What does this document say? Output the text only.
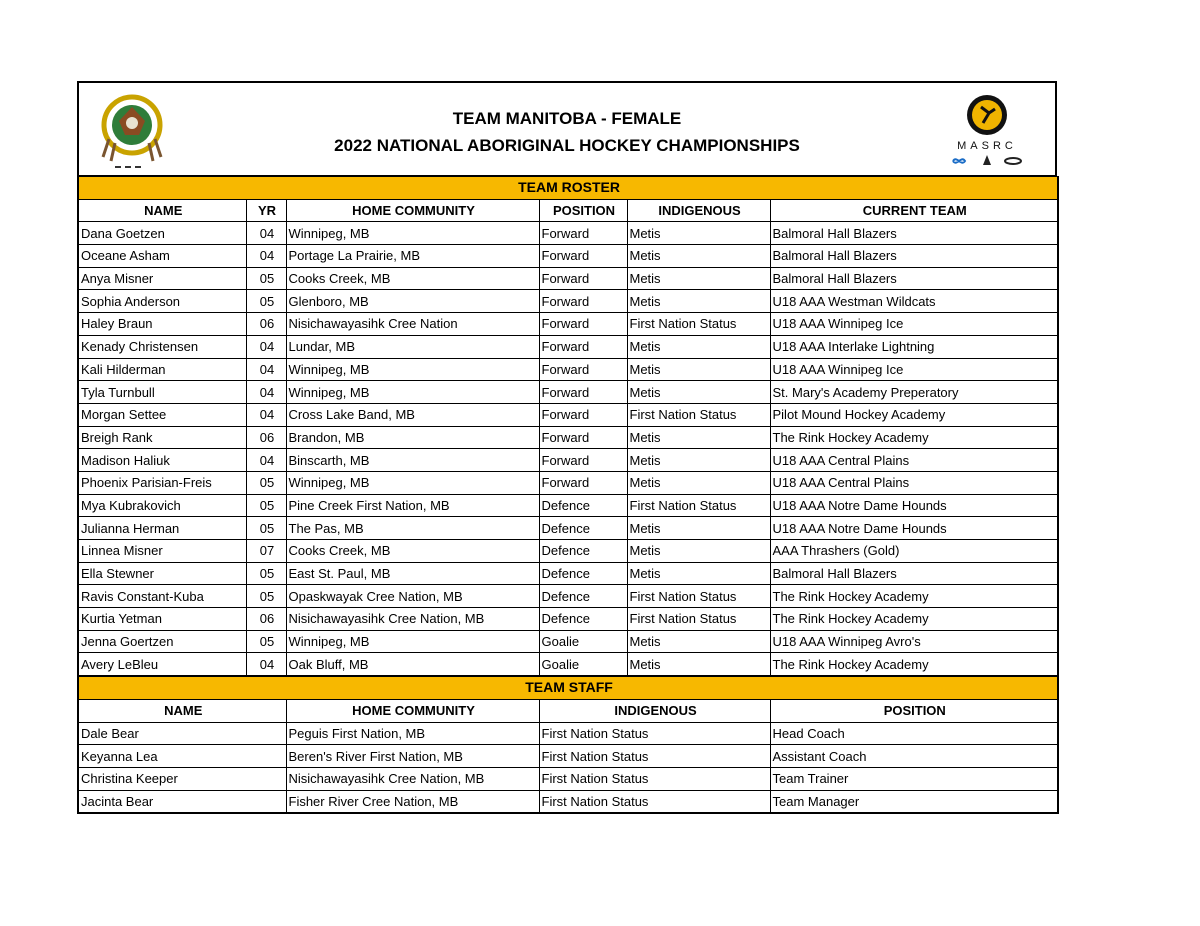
TEAM MANITOBA - FEMALE
2022 NATIONAL ABORIGINAL HOCKEY CHAMPIONSHIPS	MASRC
TEAM ROSTER					
NAME	YR	HOME COMMUNITY	POSITION	INDIGENOUS	CURRENT TEAM
Dana Goetzen	04	Winnipeg, MB	Forward	Metis	Balmoral Hall Blazers
Oceane Asham	04	Portage La Prairie, MB	Forward	Metis	Balmoral Hall Blazers
Anya Misner	05	Cooks Creek, MB	Forward	Metis	Balmoral Hall Blazers
Sophia Anderson	05	Glenboro, MB	Forward	Metis	U18 AAA Westman Wildcats
Haley Braun	06	Nisichawayasihk Cree Nation	Forward	First Nation Status	U18 AAA Winnipeg Ice
Kenady Christensen	04	Lundar, MB	Forward	Metis	U18 AAA Interlake Lightning
Kali Hilderman	04	Winnipeg, MB	Forward	Metis	U18 AAA Winnipeg Ice
Tyla Turnbull	04	Winnipeg, MB	Forward	Metis	St. Mary's Academy Preperatory
Morgan Settee	04	Cross Lake Band, MB	Forward	First Nation Status	Pilot Mound Hockey Academy
Breigh Rank	06	Brandon, MB	Forward	Metis	The Rink Hockey Academy
Madison Haliuk	04	Binscarth, MB	Forward	Metis	U18 AAA Central Plains
Phoenix Parisian-Freis	05	Winnipeg, MB	Forward	Metis	U18 AAA Central Plains
Mya Kubrakovich	05	Pine Creek First Nation, MB	Defence	First Nation Status	U18 AAA Notre Dame Hounds
Julianna Herman	05	The Pas, MB	Defence	Metis	U18 AAA Notre Dame Hounds
Linnea Misner	07	Cooks Creek, MB	Defence	Metis	AAA Thrashers (Gold)
Ella Stewner	05	East St. Paul, MB	Defence	Metis	Balmoral Hall Blazers
Ravis Constant-Kuba	05	Opaskwayak Cree Nation, MB	Defence	First Nation Status	The Rink Hockey Academy
Kurtia Yetman	06	Nisichawayasihk Cree Nation, MB	Defence	First Nation Status	The Rink Hockey Academy
Jenna Goertzen	05	Winnipeg, MB	Goalie	Metis	U18 AAA Winnipeg Avro's
Avery LeBleu	04	Oak Bluff, MB	Goalie	Metis	The Rink Hockey Academy
TEAM STAFF			
NAME	HOME COMMUNITY	INDIGENOUS	POSITION
Dale Bear	Peguis First Nation, MB	First Nation Status	Head Coach
Keyanna Lea	Beren's River First Nation, MB	First Nation Status	Assistant Coach
Christina Keeper	Nisichawayasihk Cree Nation, MB	First Nation Status	Team Trainer
Jacinta Bear	Fisher River Cree Nation, MB	First Nation Status	Team Manager
